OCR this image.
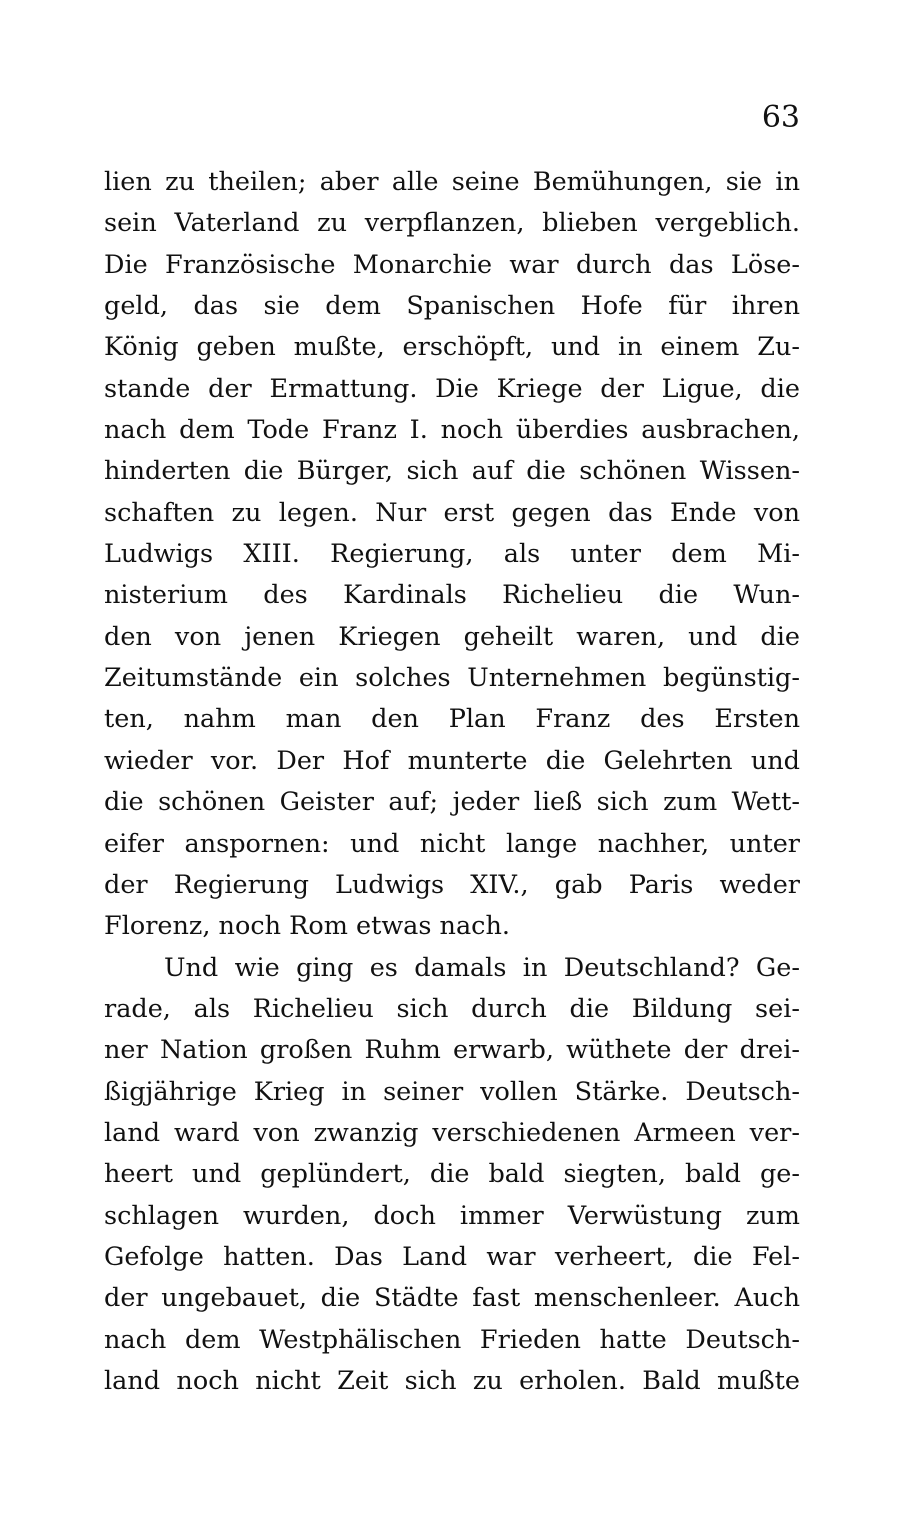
63
lien zu theilen; aber alle seine Bemühungen, sie in
sein Vaterland zu verpflanzen, blieben vergeblich.
Die Französische Monarchie war durch das Löse-
geld, das sie dem Spanischen Hofe für ihren
König geben mußte, erschöpft, und in einem Zu-
stande der Ermattung. Die Kriege der Ligue, die
nach dem Tode Franz I. noch überdies ausbrachen,
hinderten die Bürger, sich auf die schönen Wissen-
schaften zu legen. Nur erst gegen das Ende von
Ludwigs XIII. Regierung, als unter dem Mi-
nisterium des Kardinals Richelieu die Wun-
den von jenen Kriegen geheilt waren, und die
Zeitumstände ein solches Unternehmen begünstig-
ten, nahm man den Plan Franz des Ersten
wieder vor. Der Hof munterte die Gelehrten und
die schönen Geister auf; jeder ließ sich zum Wett-
eifer anspornen: und nicht lange nachher, unter
der Regierung Ludwigs XIV., gab Paris weder
Florenz, noch Rom etwas nach.
Und wie ging es damals in Deutschland? Ge-
rade, als Richelieu sich durch die Bildung sei-
ner Nation großen Ruhm erwarb, wüthete der drei-
ßigjährige Krieg in seiner vollen Stärke. Deutsch-
land ward von zwanzig verschiedenen Armeen ver-
heert und geplündert, die bald siegten, bald ge-
schlagen wurden, doch immer Verwüstung zum
Gefolge hatten. Das Land war verheert, die Fel-
der ungebauet, die Städte fast menschenleer. Auch
nach dem Westphälischen Frieden hatte Deutsch-
land noch nicht Zeit sich zu erholen. Bald mußte
